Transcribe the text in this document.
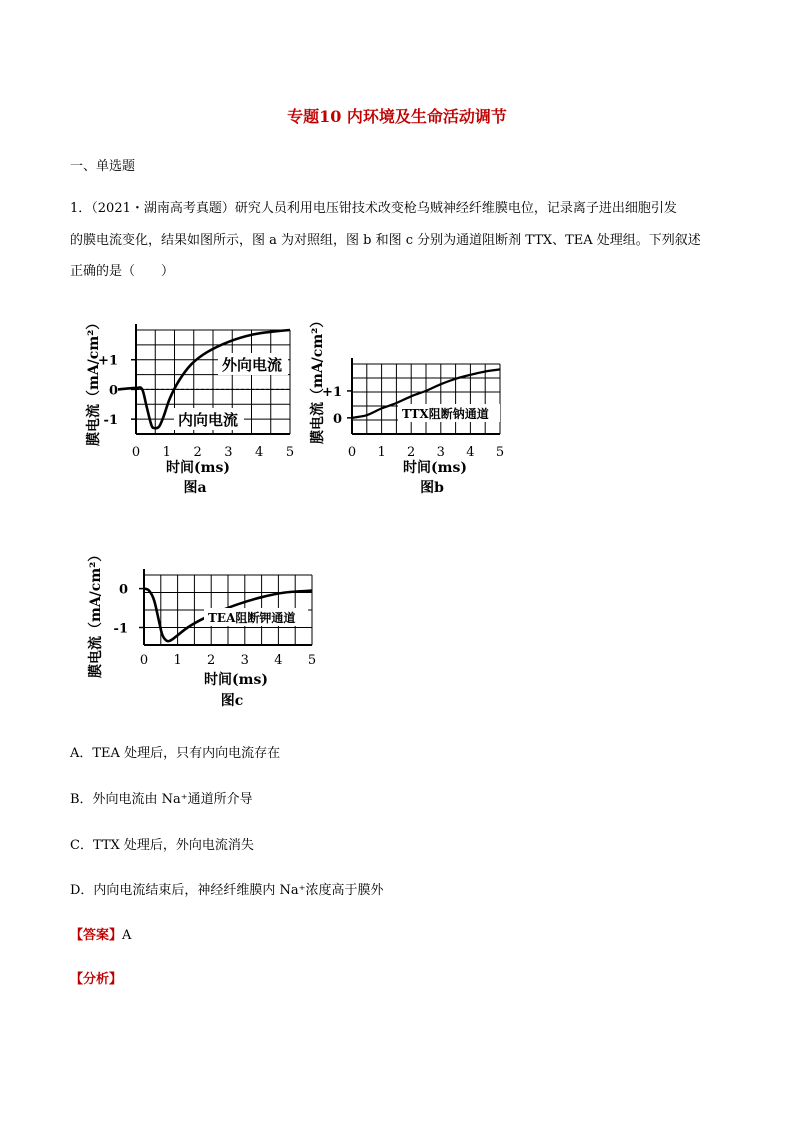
专题10 内环境及生命活动调节
一、单选题
1．（2021・湖南高考真题）研究人员利用电压钳技术改变枪乌贼神经纤维膜电位，记录离子进出细胞引发
的膜电流变化，结果如图所示，图 a 为对照组，图 b 和图 c 分别为通道阻断剂 TTX、TEA 处理组。下列叙述
正确的是（　　）
外向电流
内向电流
0 1 2 3 4 5
+1
0
-1
膜电流（mA/cm²）
时间(ms)
图a
TTX阻断钠通道
0 1 2 3 4 5
+1
0
膜电流（mA/cm²）
时间(ms)
图b
TEA阻断钾通道
0 1 2 3 4 5
0
-1
膜电流（mA/cm²）
时间(ms)
图c
A．TEA 处理后，只有内向电流存在
B．外向电流由 Na⁺通道所介导
C．TTX 处理后，外向电流消失
D．内向电流结束后，神经纤维膜内 Na⁺浓度高于膜外
【答案】A
【分析】
